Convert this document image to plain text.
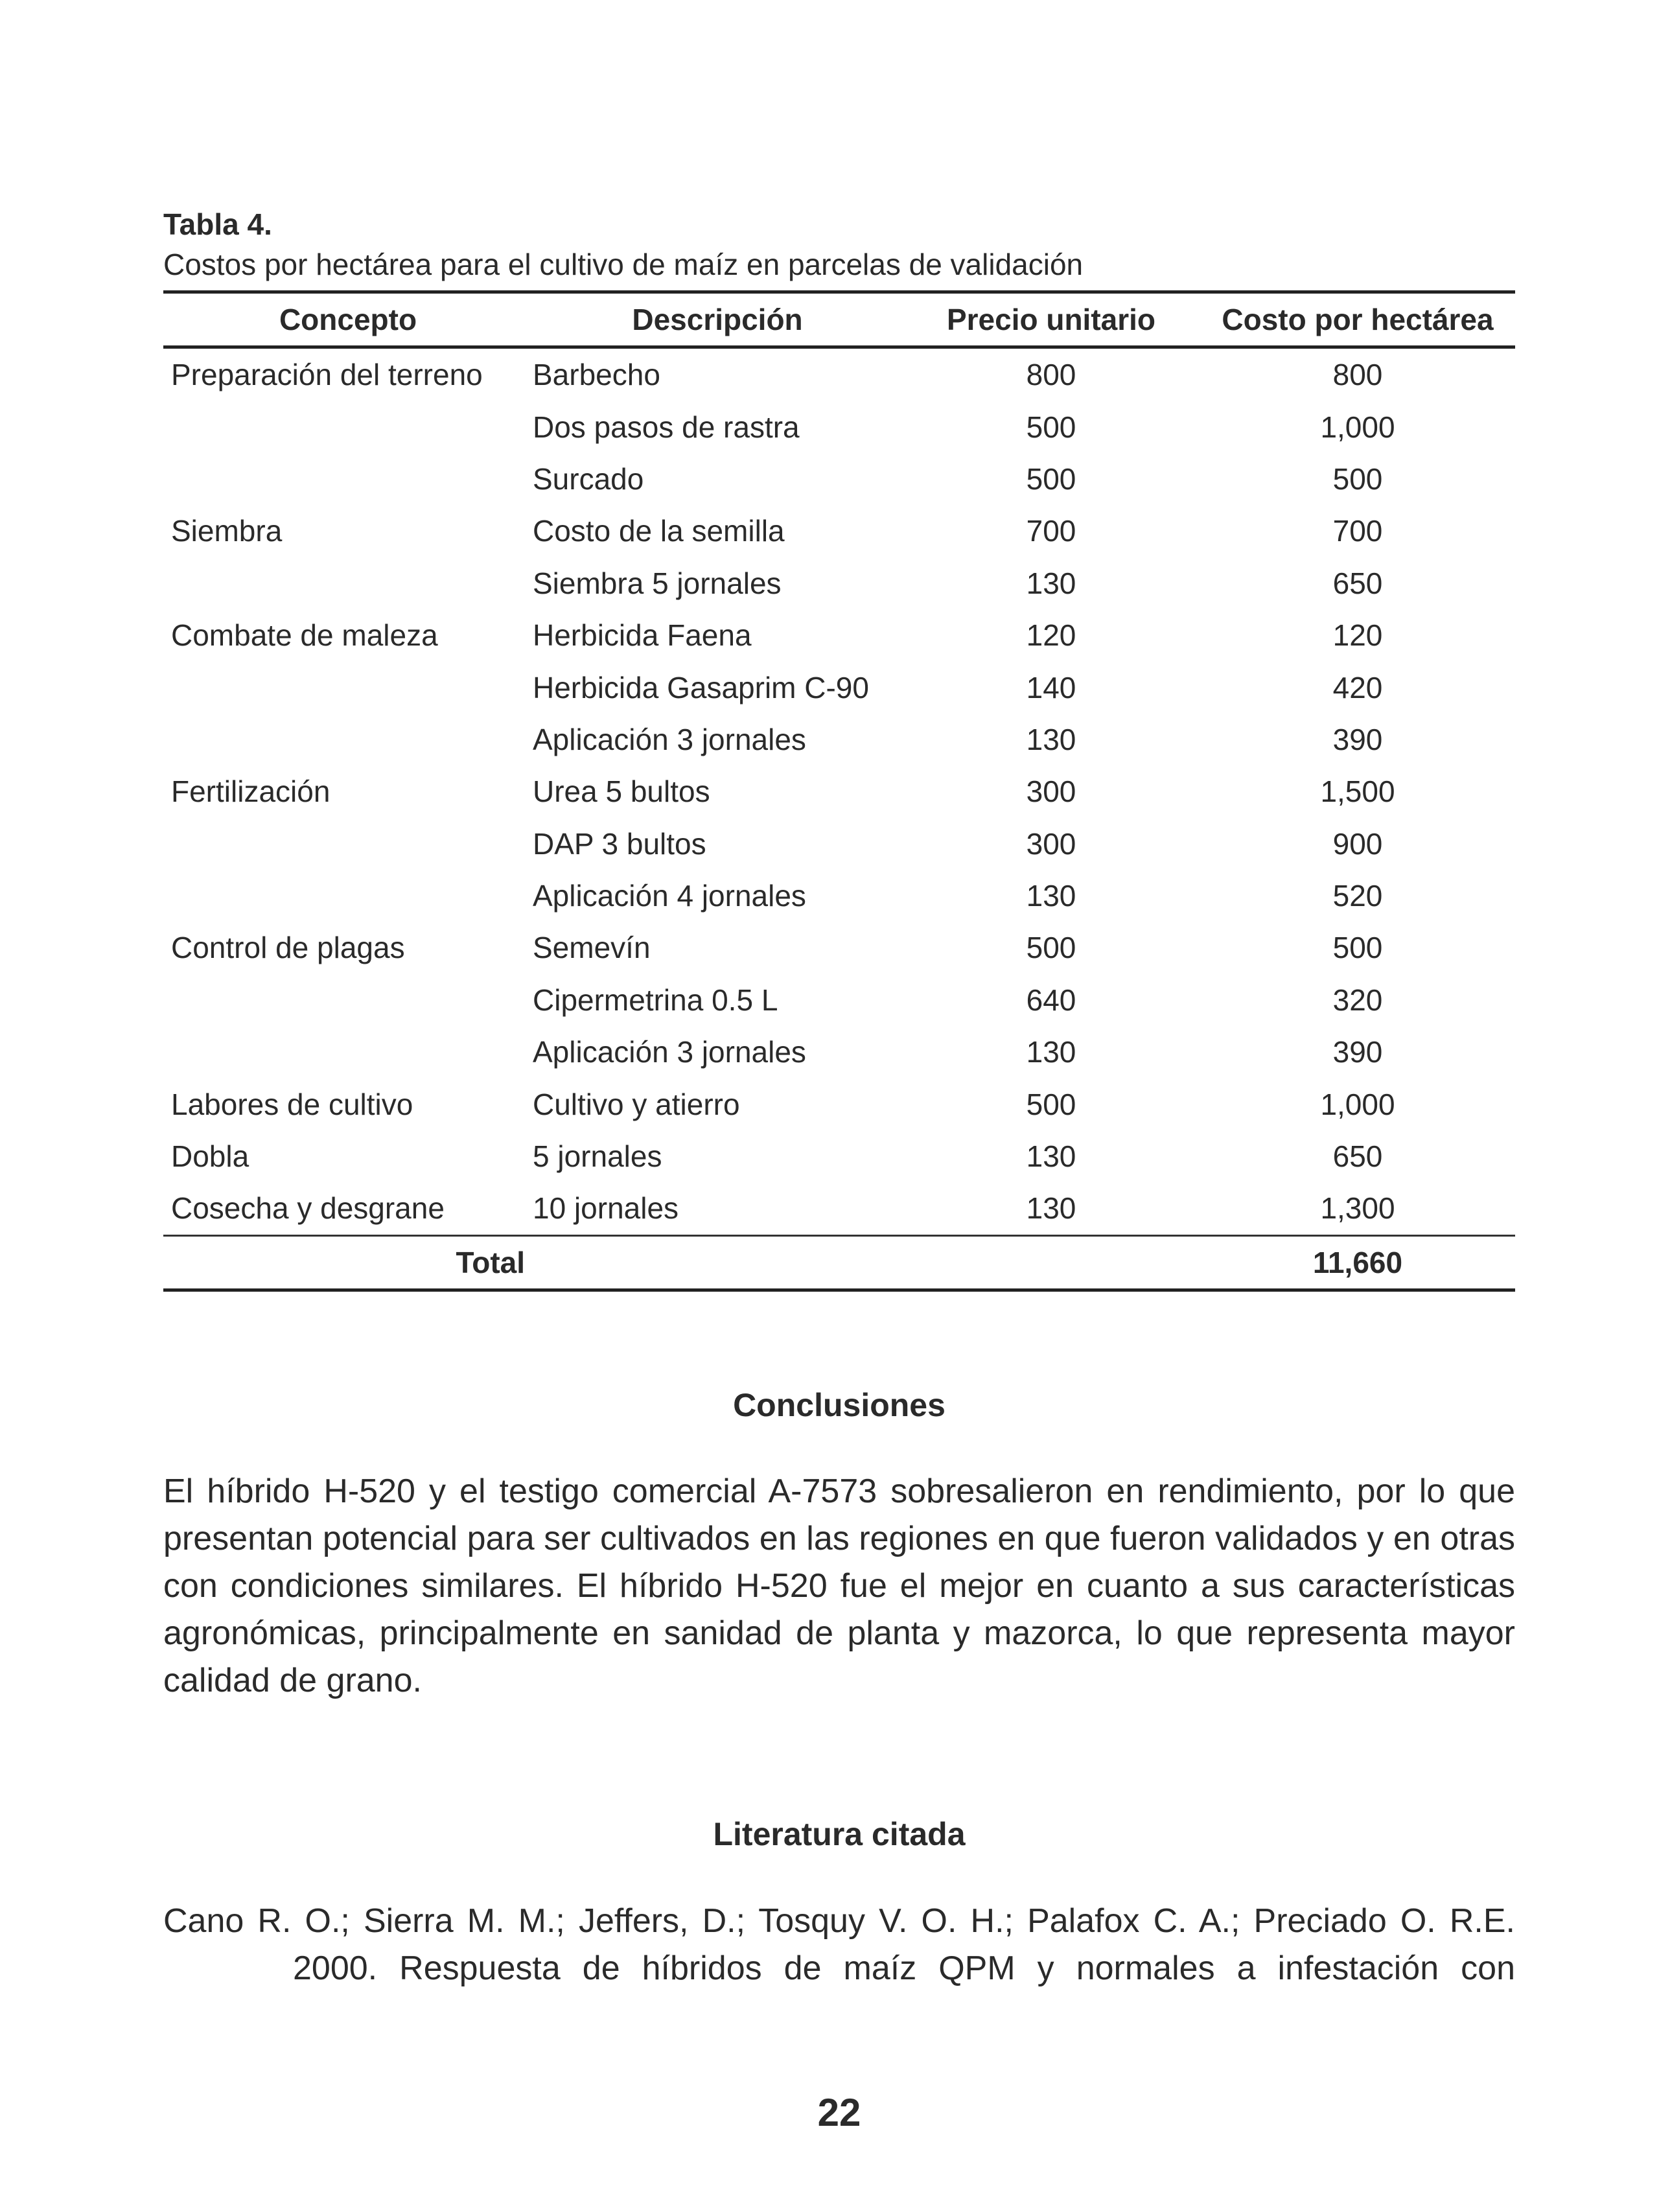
Tabla 4.
Costos por hectárea para el cultivo de maíz en parcelas de validación
Concepto	Descripción	Precio unitario	Costo por hectárea
Preparación del terreno	Barbecho	800	800
	Dos pasos de rastra	500	1,000
	Surcado	500	500
Siembra	Costo de la semilla	700	700
	Siembra 5 jornales	130	650
Combate de maleza	Herbicida Faena	120	120
	Herbicida Gasaprim C-90	140	420
	Aplicación 3 jornales	130	390
Fertilización	Urea 5 bultos	300	1,500
	DAP 3 bultos	300	900
	Aplicación 4 jornales	130	520
Control de plagas	Semevín	500	500
	Cipermetrina 0.5 L	640	320
	Aplicación 3 jornales	130	390
Labores de cultivo	Cultivo y atierro	500	1,000
Dobla	5 jornales	130	650
Cosecha y desgrane	10 jornales	130	1,300
Total			11,660
Conclusiones
El híbrido H-520 y el testigo comercial A-7573 sobresalieron en rendimiento, por lo que presentan potencial para ser cultivados en las regiones en que fueron validados y en otras con condiciones similares. El híbrido H-520 fue el mejor en cuanto a sus características agronómicas, principalmente en sanidad de planta y mazorca, lo que representa mayor calidad de grano.
Literatura citada
Cano R. O.; Sierra M. M.; Jeffers, D.; Tosquy V. O. H.; Palafox C. A.; Preciado O. R.E.
2000. Respuesta de híbridos de maíz QPM y normales a infestación con
22
